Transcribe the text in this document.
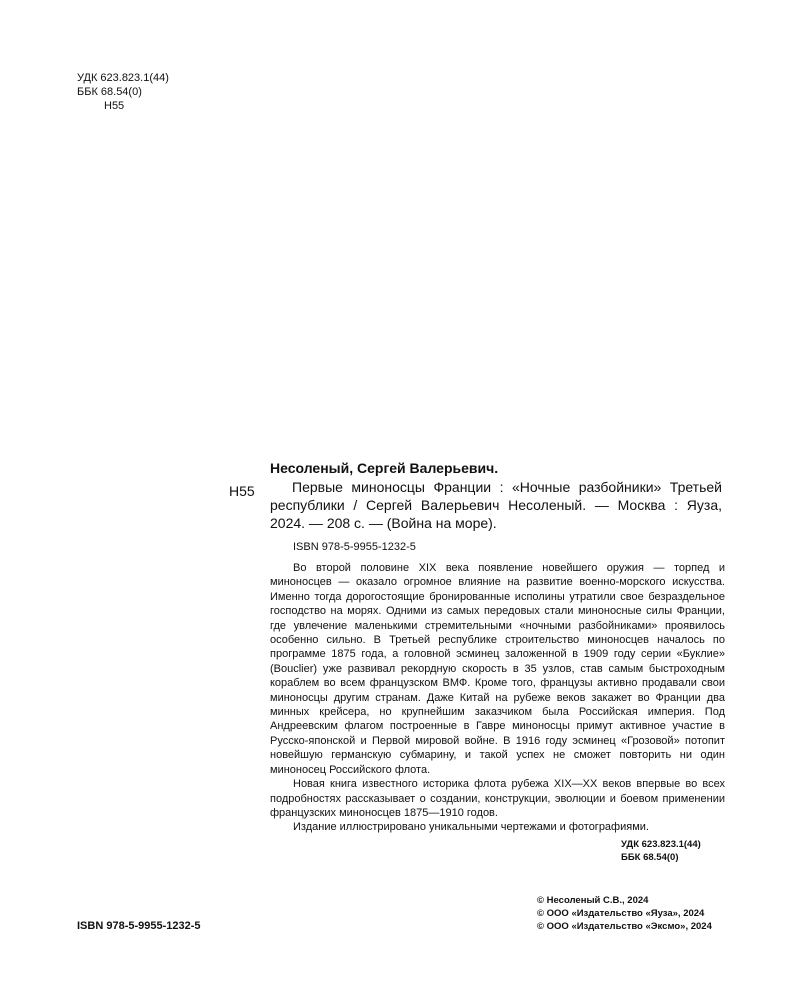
УДК 623.823.1(44)
ББК 68.54(0)
Н55
Несоленый, Сергей Валерьевич.
Н55	Первые миноносцы Франции : «Ночные разбойники» Третьей республики / Сергей Валерьевич Несоленый. — Москва : Яуза, 2024. — 208 с. — (Война на море).
ISBN 978-5-9955-1232-5

Во второй половине XIX века появление новейшего оружия — торпед и миноносцев — оказало огромное влияние на развитие военно-морского искусства. Именно тогда дорогостоящие бронированные исполины утратили свое безраздельное господство на морях. Одними из самых передовых стали миноносные силы Франции, где увлечение маленькими стремительными «ночными разбойниками» проявилось особенно сильно. В Третьей республике строительство миноносцев началось по программе 1875 года, а головной эсминец заложенной в 1909 году серии «Буклие» (Bouclier) уже развивал рекордную скорость в 35 узлов, став самым быстроходным кораблем во всем французском ВМФ. Кроме того, французы активно продавали свои миноносцы другим странам. Даже Китай на рубеже веков закажет во Франции два минных крейсера, но крупнейшим заказчиком была Российская империя. Под Андреевским флагом построенные в Гавре миноносцы примут активное участие в Русско-японской и Первой мировой войне. В 1916 году эсминец «Грозовой» потопит новейшую германскую субмарину, и такой успех не сможет повторить ни один миноносец Российского флота.

Новая книга известного историка флота рубежа XIX—XX веков впервые во всех подробностях рассказывает о создании, конструкции, эволюции и боевом применении французских миноносцев 1875—1910 годов.

Издание иллюстрировано уникальными чертежами и фотографиями.

УДК 623.823.1(44)
ББК 68.54(0)
ISBN 978-5-9955-1232-5
© Несоленый С.В., 2024
© ООО «Издательство «Яуза», 2024
© ООО «Издательство «Эксмо», 2024
